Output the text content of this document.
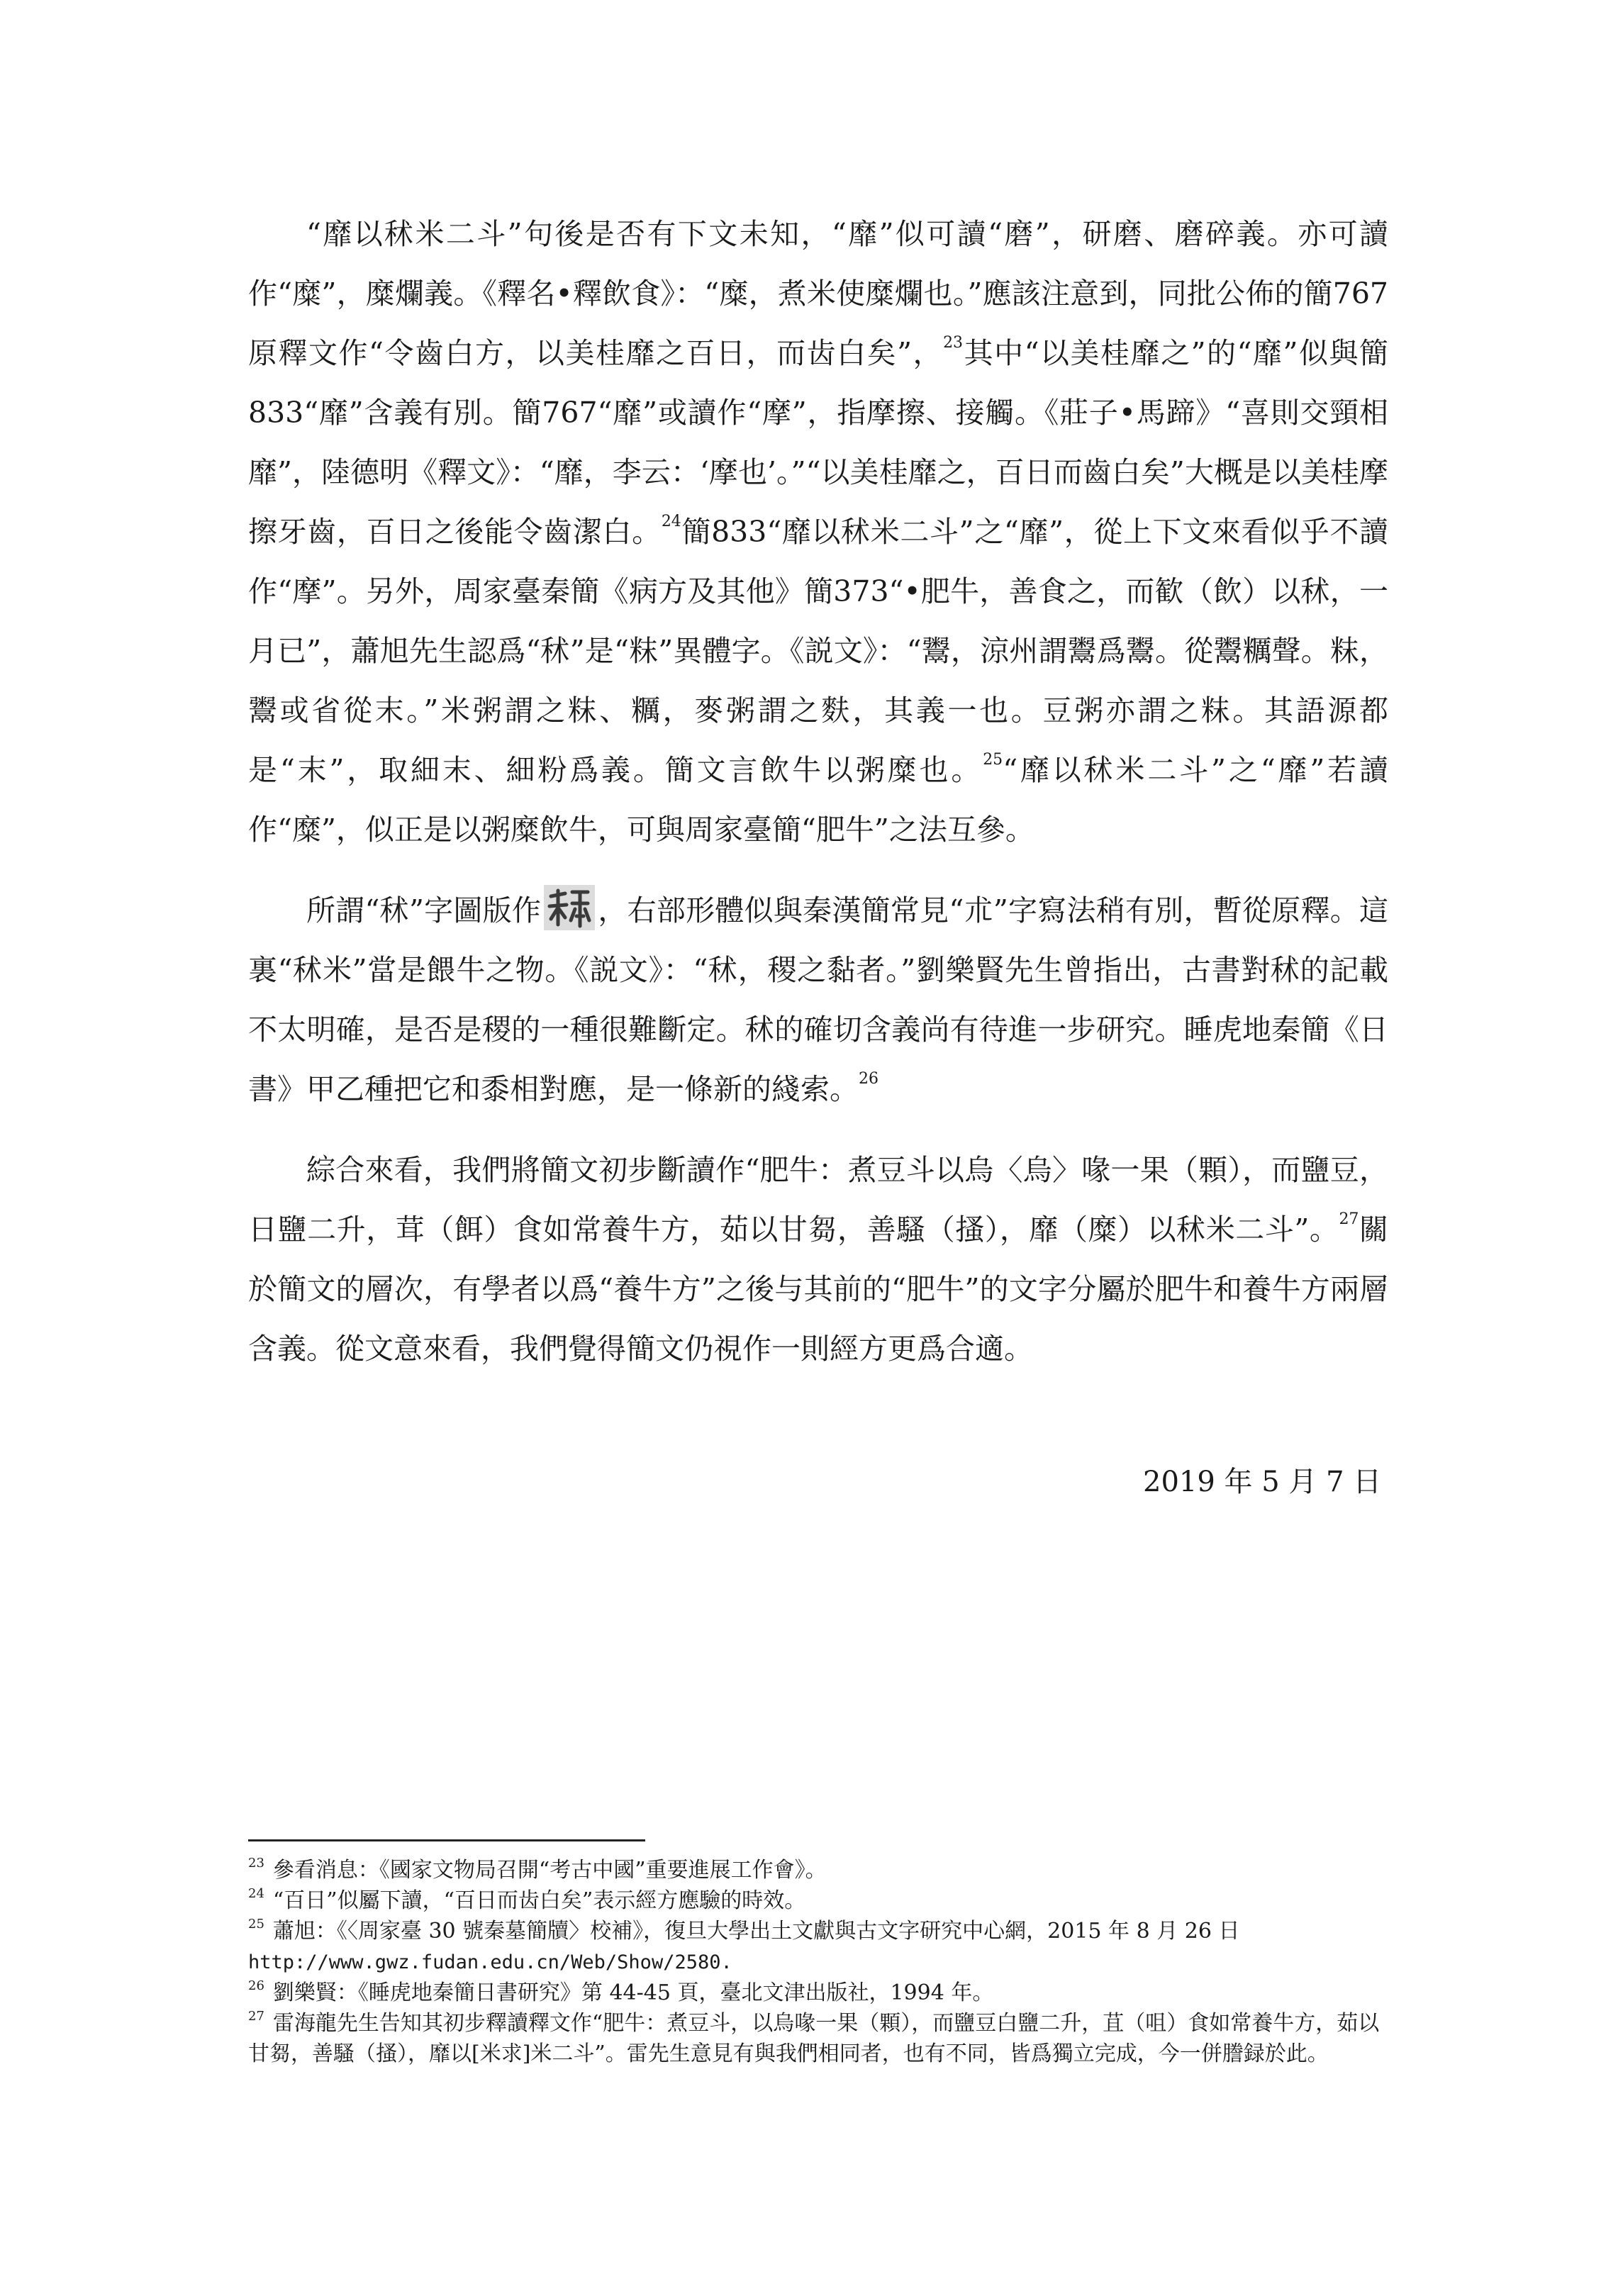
“靡以秫米二斗”句後是否有下文未知，“靡”似可讀“磨”，研磨、磨碎義。亦可讀作“糜”，糜爛義。《釋名•釋飲食》：“糜，煮米使糜爛也。”應該注意到，同批公佈的簡767原釋文作“令齒白方，以美桂靡之百日，而齿白矣”，$^{23}$其中“以美桂靡之”的“靡”似與簡833“靡”含義有別。簡767“靡”或讀作“摩”，指摩擦、接觸。《莊子•馬蹄》“喜則交頸相靡”，陸德明《釋文》：“靡，李云：‘摩也’。”“以美桂靡之，百日而齒白矣”大概是以美桂摩擦牙齒，百日之後能令齒潔白。$^{24}$簡833“靡以秫米二斗”之“靡”，從上下文來看似乎不讀作“摩”。另外，周家臺秦簡《病方及其他》簡373“•肥牛，善食之，而歓（飲）以秫，一月已”，蕭旭先生認爲“秫”是“粖”異體字。《説文》：“鬻，涼州謂鬻爲鬻。從鬻糲聲。粖，鬻或省從末。”米粥謂之粖、糲，麥粥謂之麩，其義一也。豆粥亦謂之粖。其語源都是“末”，取細末、細粉爲義。簡文言飲牛以粥糜也。$^{25}$“靡以秫米二斗”之“靡”若讀作“糜”，似正是以粥糜飲牛，可與周家臺簡“肥牛”之法互參。

所謂“秫”字圖版作 ，右部形體似與秦漢簡常見“朮”字寫法稍有別，暫從原釋。這裏“秫米”當是餵牛之物。《説文》：“秫，稷之黏者。”劉樂賢先生曾指出，古書對秫的記載不太明確，是否是稷的一種很難斷定。秫的確切含義尚有待進一步研究。睡虎地秦簡《日書》甲乙種把它和黍相對應，是一條新的綫索。$^{26}$

綜合來看，我們將簡文初步斷讀作“肥牛：煮豆斗以烏〈烏〉喙一果（顆），而鹽豆，日鹽二升，茸（餌）食如常養牛方，茹以甘芻，善騷（搔），靡（糜）以秫米二斗”。$^{27}$關於簡文的層次，有學者以爲“養牛方”之後与其前的“肥牛”的文字分屬於肥牛和養牛方兩層含義。從文意來看，我們覺得簡文仍視作一則經方更爲合適。

2019 年 5 月 7 日

$^{23}$ 參看消息：《國家文物局召開“考古中國”重要進展工作會》。

$^{24}$ “百日”似屬下讀，“百日而齿白矣”表示經方應驗的時效。

$^{25}$ 蕭旭：《〈周家臺 30 號秦墓簡牘〉校補》，復旦大學出土文獻與古文字研究中心網，2015 年 8 月 26 日
http://www.gwz.fudan.edu.cn/Web/Show/2580.

$^{26}$ 劉樂賢：《睡虎地秦簡日書研究》第 44-45 頁，臺北文津出版社，1994 年。

$^{27}$ 雷海龍先生告知其初步釋讀釋文作“肥牛：煮豆斗，以烏喙一果（顆），而鹽豆白鹽二升，苴（咀）食如常養牛方，茹以甘芻，善騷（搔），靡以[米求]米二斗”。雷先生意見有與我們相同者，也有不同，皆爲獨立完成，今一併謄録於此。
